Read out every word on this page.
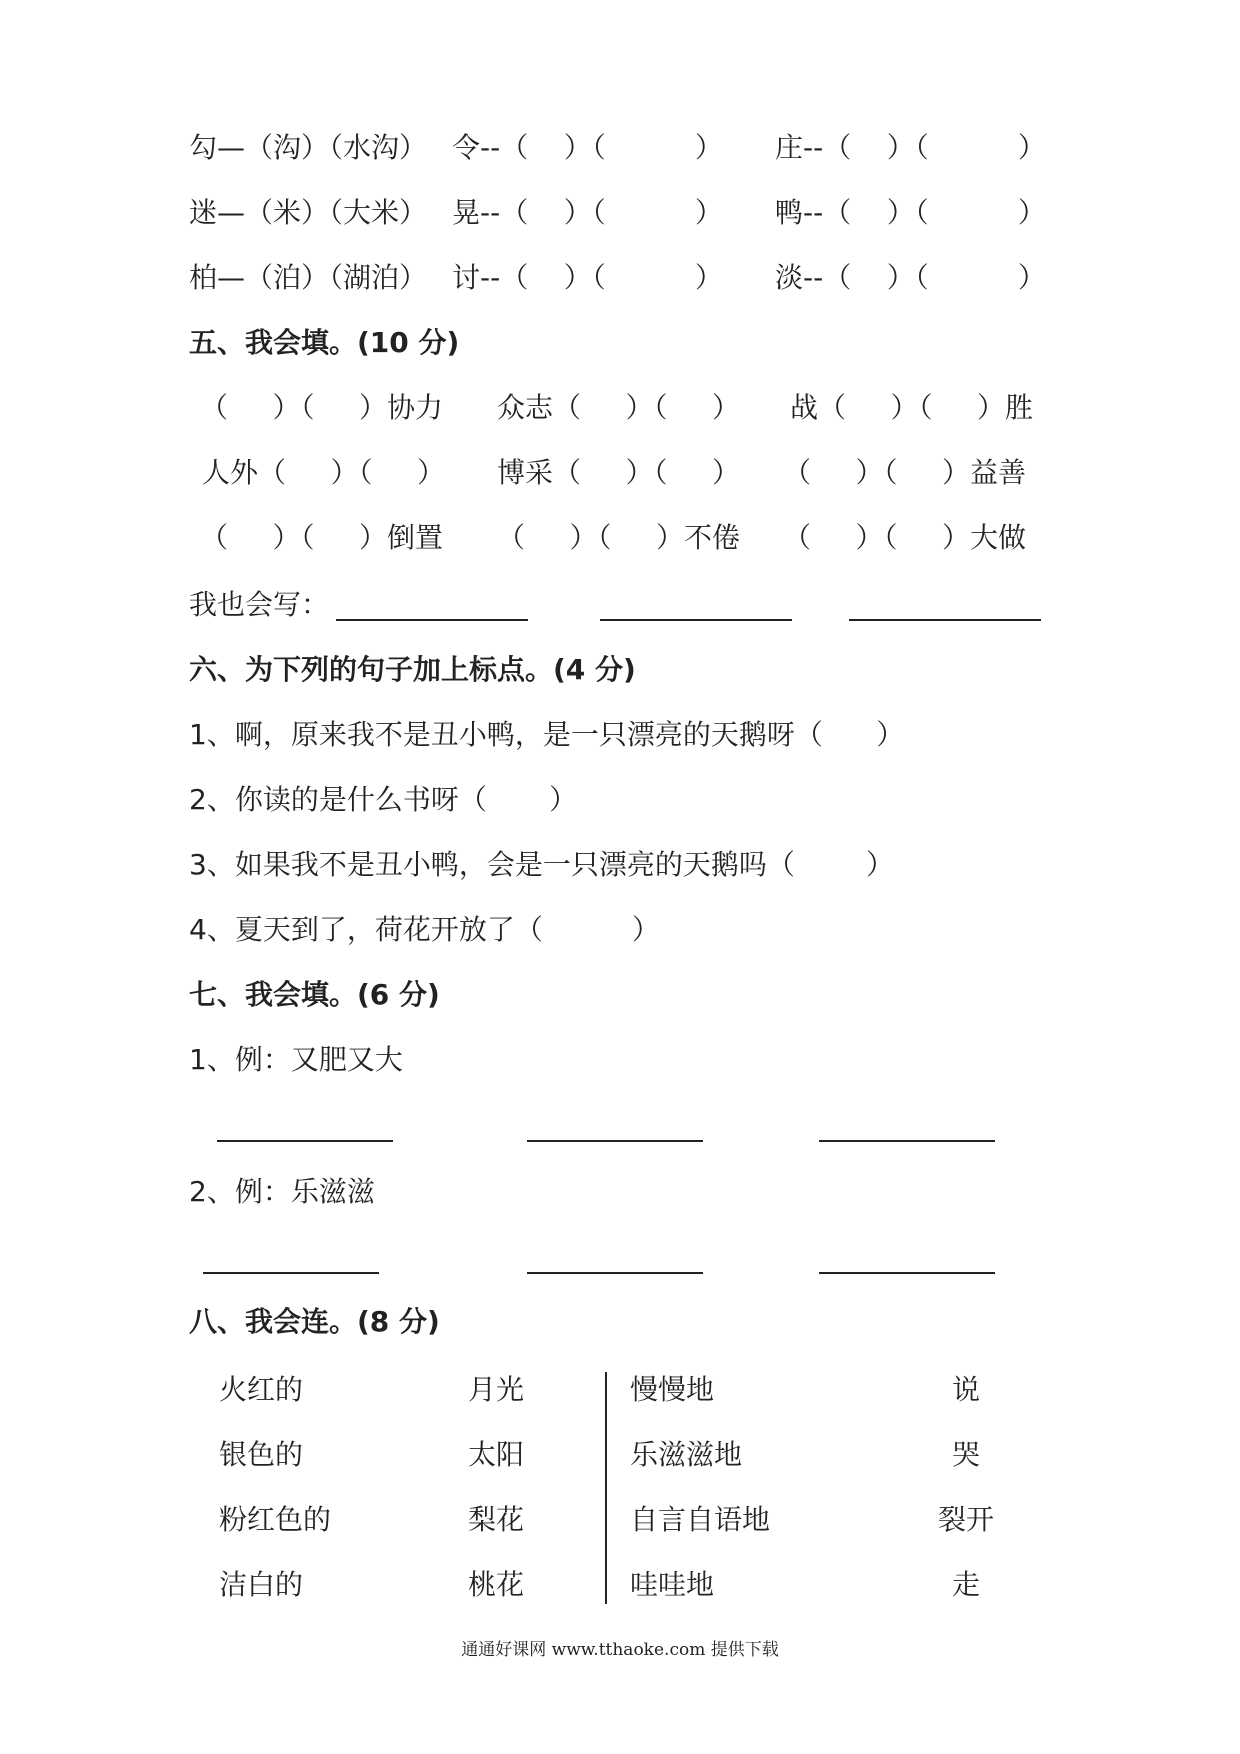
勾—（沟）（水沟） 令--（    ）（          ） 庄--（    ）（          ）
迷—（米）（大米） 晃--（    ）（          ） 鸭--（    ）（          ）
柏—（泊）（湖泊） 讨--（    ）（          ） 淡--（    ）（          ）
五、我会填。(10 分)
（     ）（     ）协力 众志（     ）（     ） 战（     ）（     ）胜
人外（     ）（     ） 博采（     ）（     ） （     ）（     ）益善
（     ）（     ）倒置 （     ）（     ）不倦 （     ）（     ）大做
我也会写：
六、为下列的句子加上标点。(4 分)
1、啊，原来我不是丑小鸭，是一只漂亮的天鹅呀（      ）
2、你读的是什么书呀（       ）
3、如果我不是丑小鸭，会是一只漂亮的天鹅吗（        ）
4、夏天到了，荷花开放了（          ）
七、我会填。(6 分)
1、例：又肥又大
2、例：乐滋滋
八、我会连。(8 分)
火红的	月光	慢慢地	说
银色的	太阳	乐滋滋地	哭
粉红色的	梨花	自言自语地	裂开
洁白的	桃花	哇哇地	走
通通好课网 www.tthaoke.com 提供下载
